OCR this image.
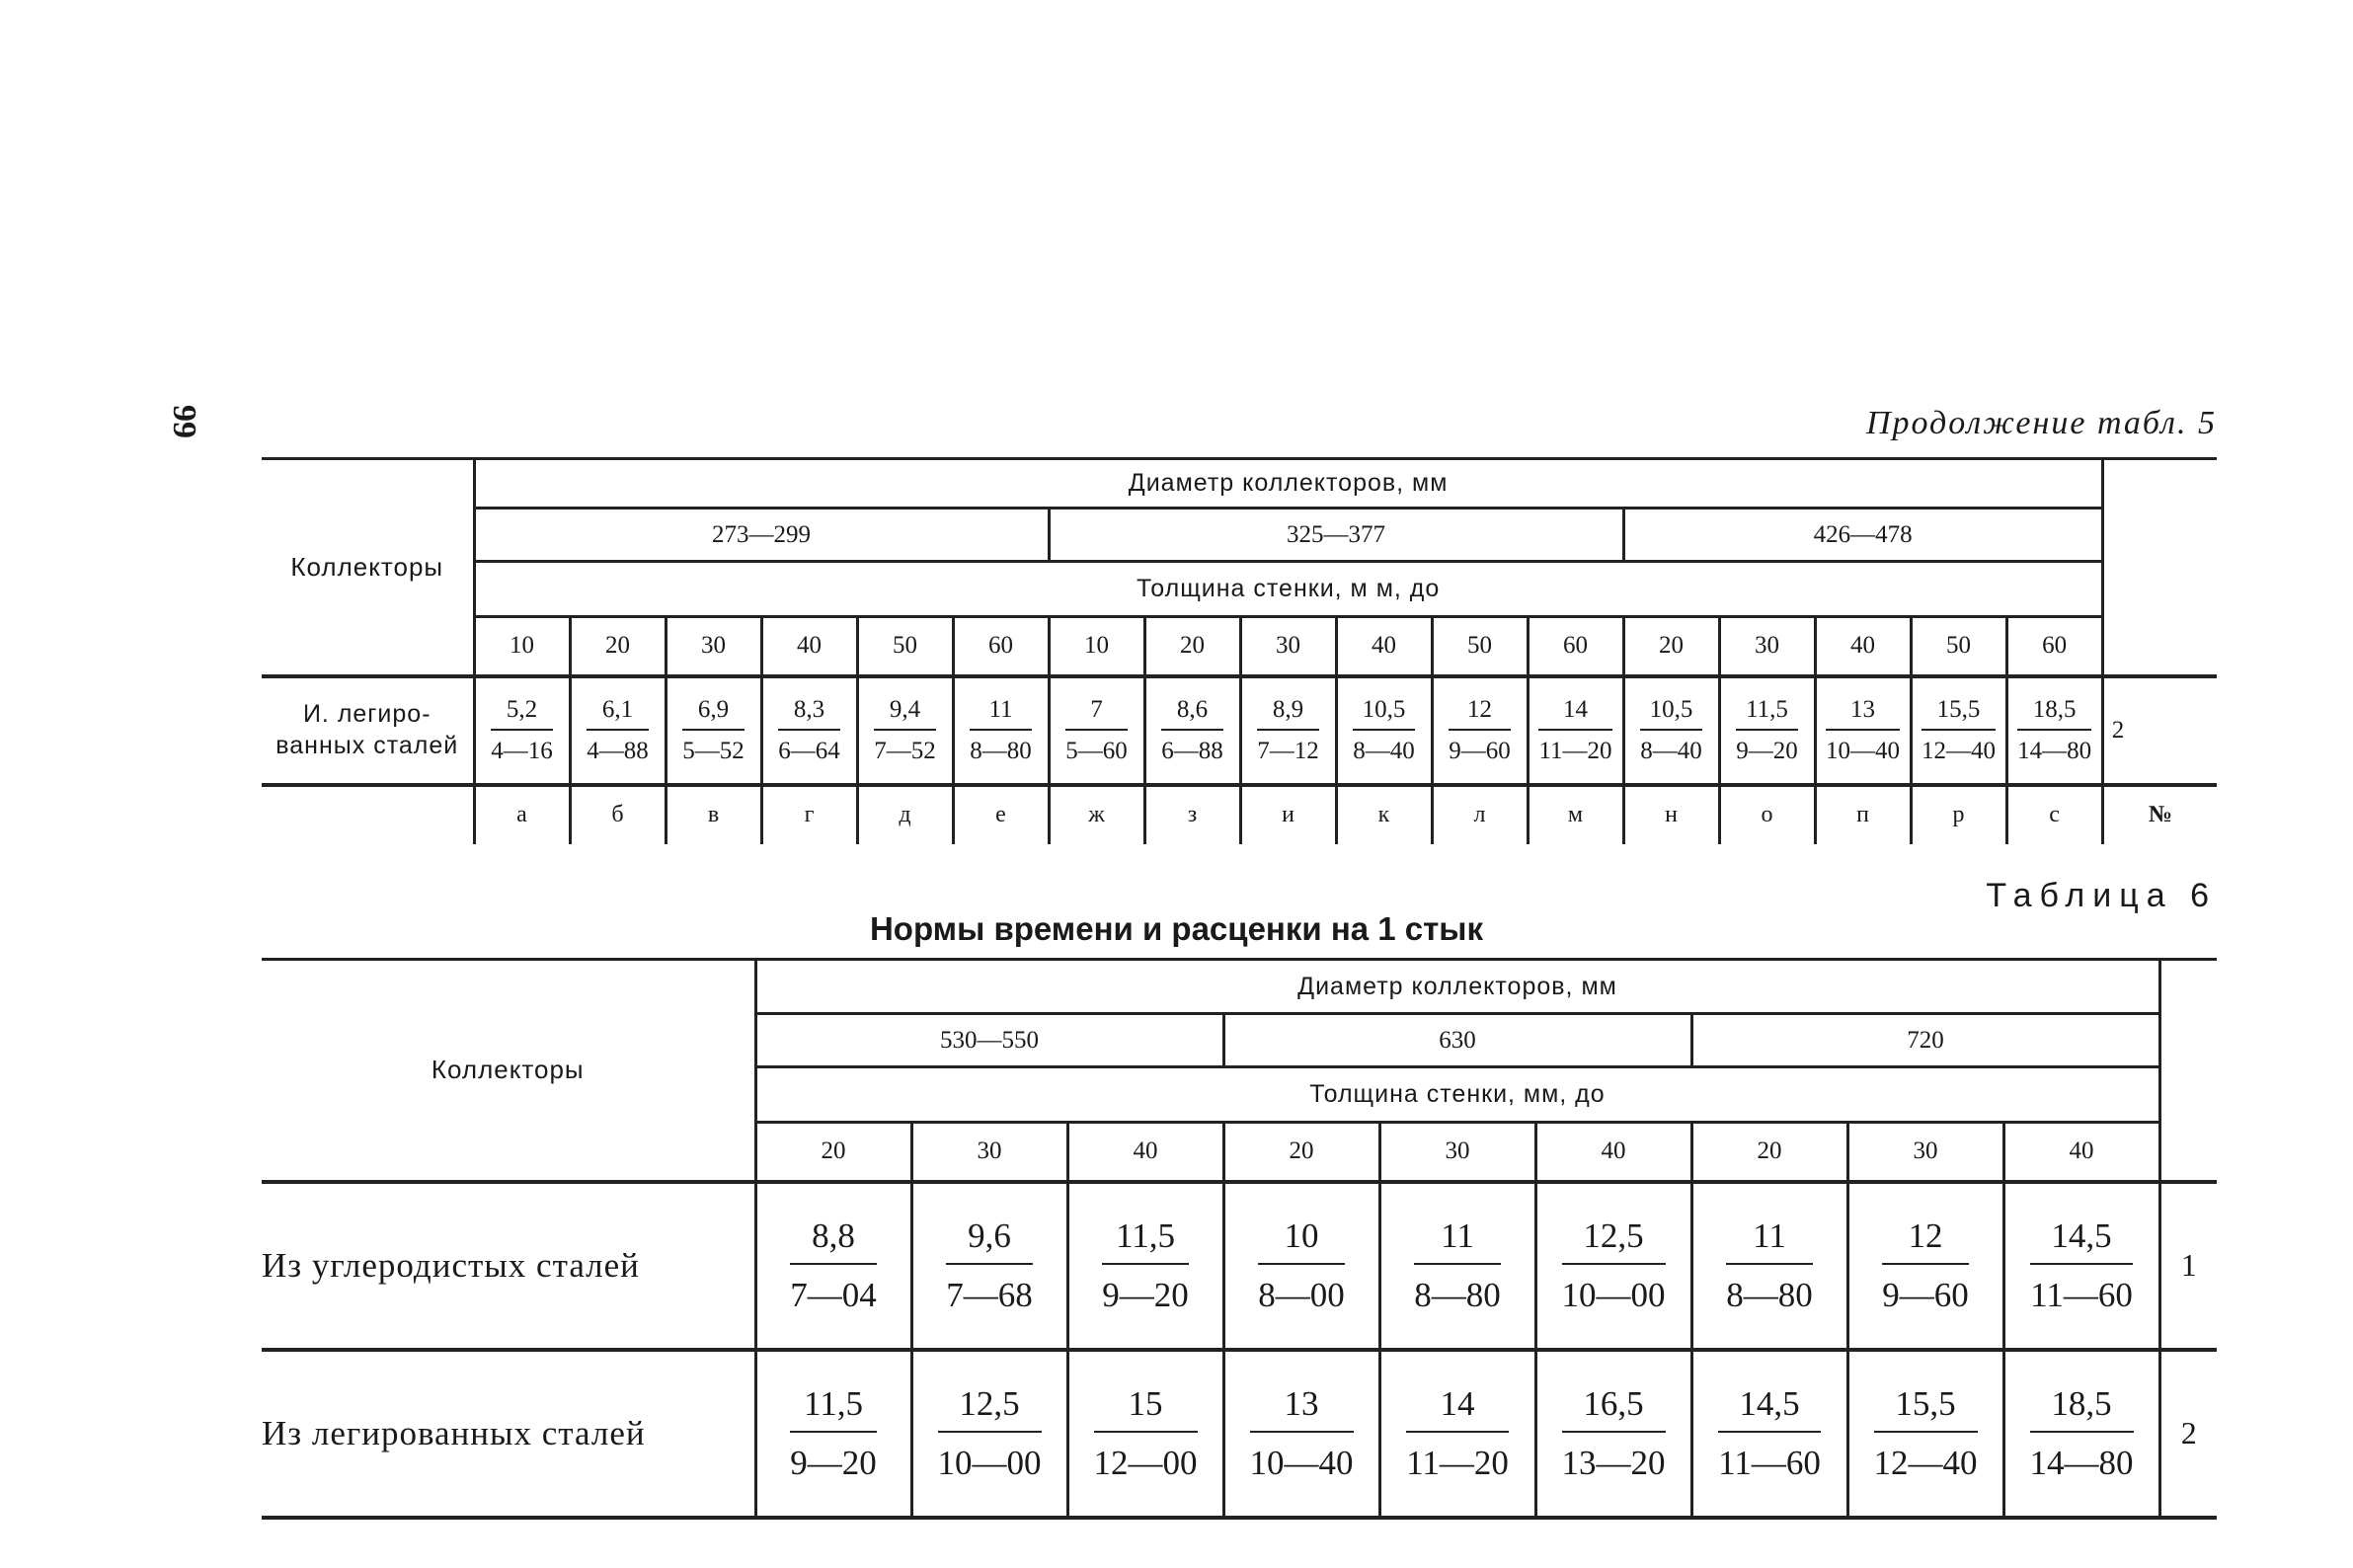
99	Продолжение табл. 5
Коллекторы	Диаметр коллекторов, мм																	
	273—299						325—377						426—478					
	Толщина стенки, м м, до																	
	10	20	30	40	50	60	10	20	30	40	50	60	20	30	40	50	60	
И. легиро-ванных сталей	$\frac{5,2}{4—16}$	$\frac{6,1}{4—88}$	$\frac{6,9}{5—52}$	$\frac{8,3}{6—64}$	$\frac{9,4}{7—52}$	$\frac{11}{8—80}$	$\frac{7}{5—60}$	$\frac{8,6}{6—88}$	$\frac{8,9}{7—12}$	$\frac{10,5}{8—40}$	$\frac{12}{9—60}$	$\frac{14}{11—20}$	$\frac{10,5}{8—40}$	$\frac{11,5}{9—20}$	$\frac{13}{10—40}$	$\frac{15,5}{12—40}$	$\frac{18,5}{14—80}$	2
	а	б	в	г	д	е	ж	з	и	к	л	м	н	о	п	р	с	№
Таблица 6
Нормы времени и расценки на 1 стык
Коллекторы	Диаметр коллекторов, мм									
	530—550			630			720			
	Толщина стенки, мм, до									
	20	30	40	20	30	40	20	30	40	
Из углеродистых сталей	$\frac{8,8}{7—04}$	$\frac{9,6}{7—68}$	$\frac{11,5}{9—20}$	$\frac{10}{8—00}$	$\frac{11}{8—80}$	$\frac{12,5}{10—00}$	$\frac{11}{8—80}$	$\frac{12}{9—60}$	$\frac{14,5}{11—60}$	1
Из легированных сталей	$\frac{11,5}{9—20}$	$\frac{12,5}{10—00}$	$\frac{15}{12—00}$	$\frac{13}{10—40}$	$\frac{14}{11—20}$	$\frac{16,5}{13—20}$	$\frac{14,5}{11—60}$	$\frac{15,5}{12—40}$	$\frac{18,5}{14—80}$	2
